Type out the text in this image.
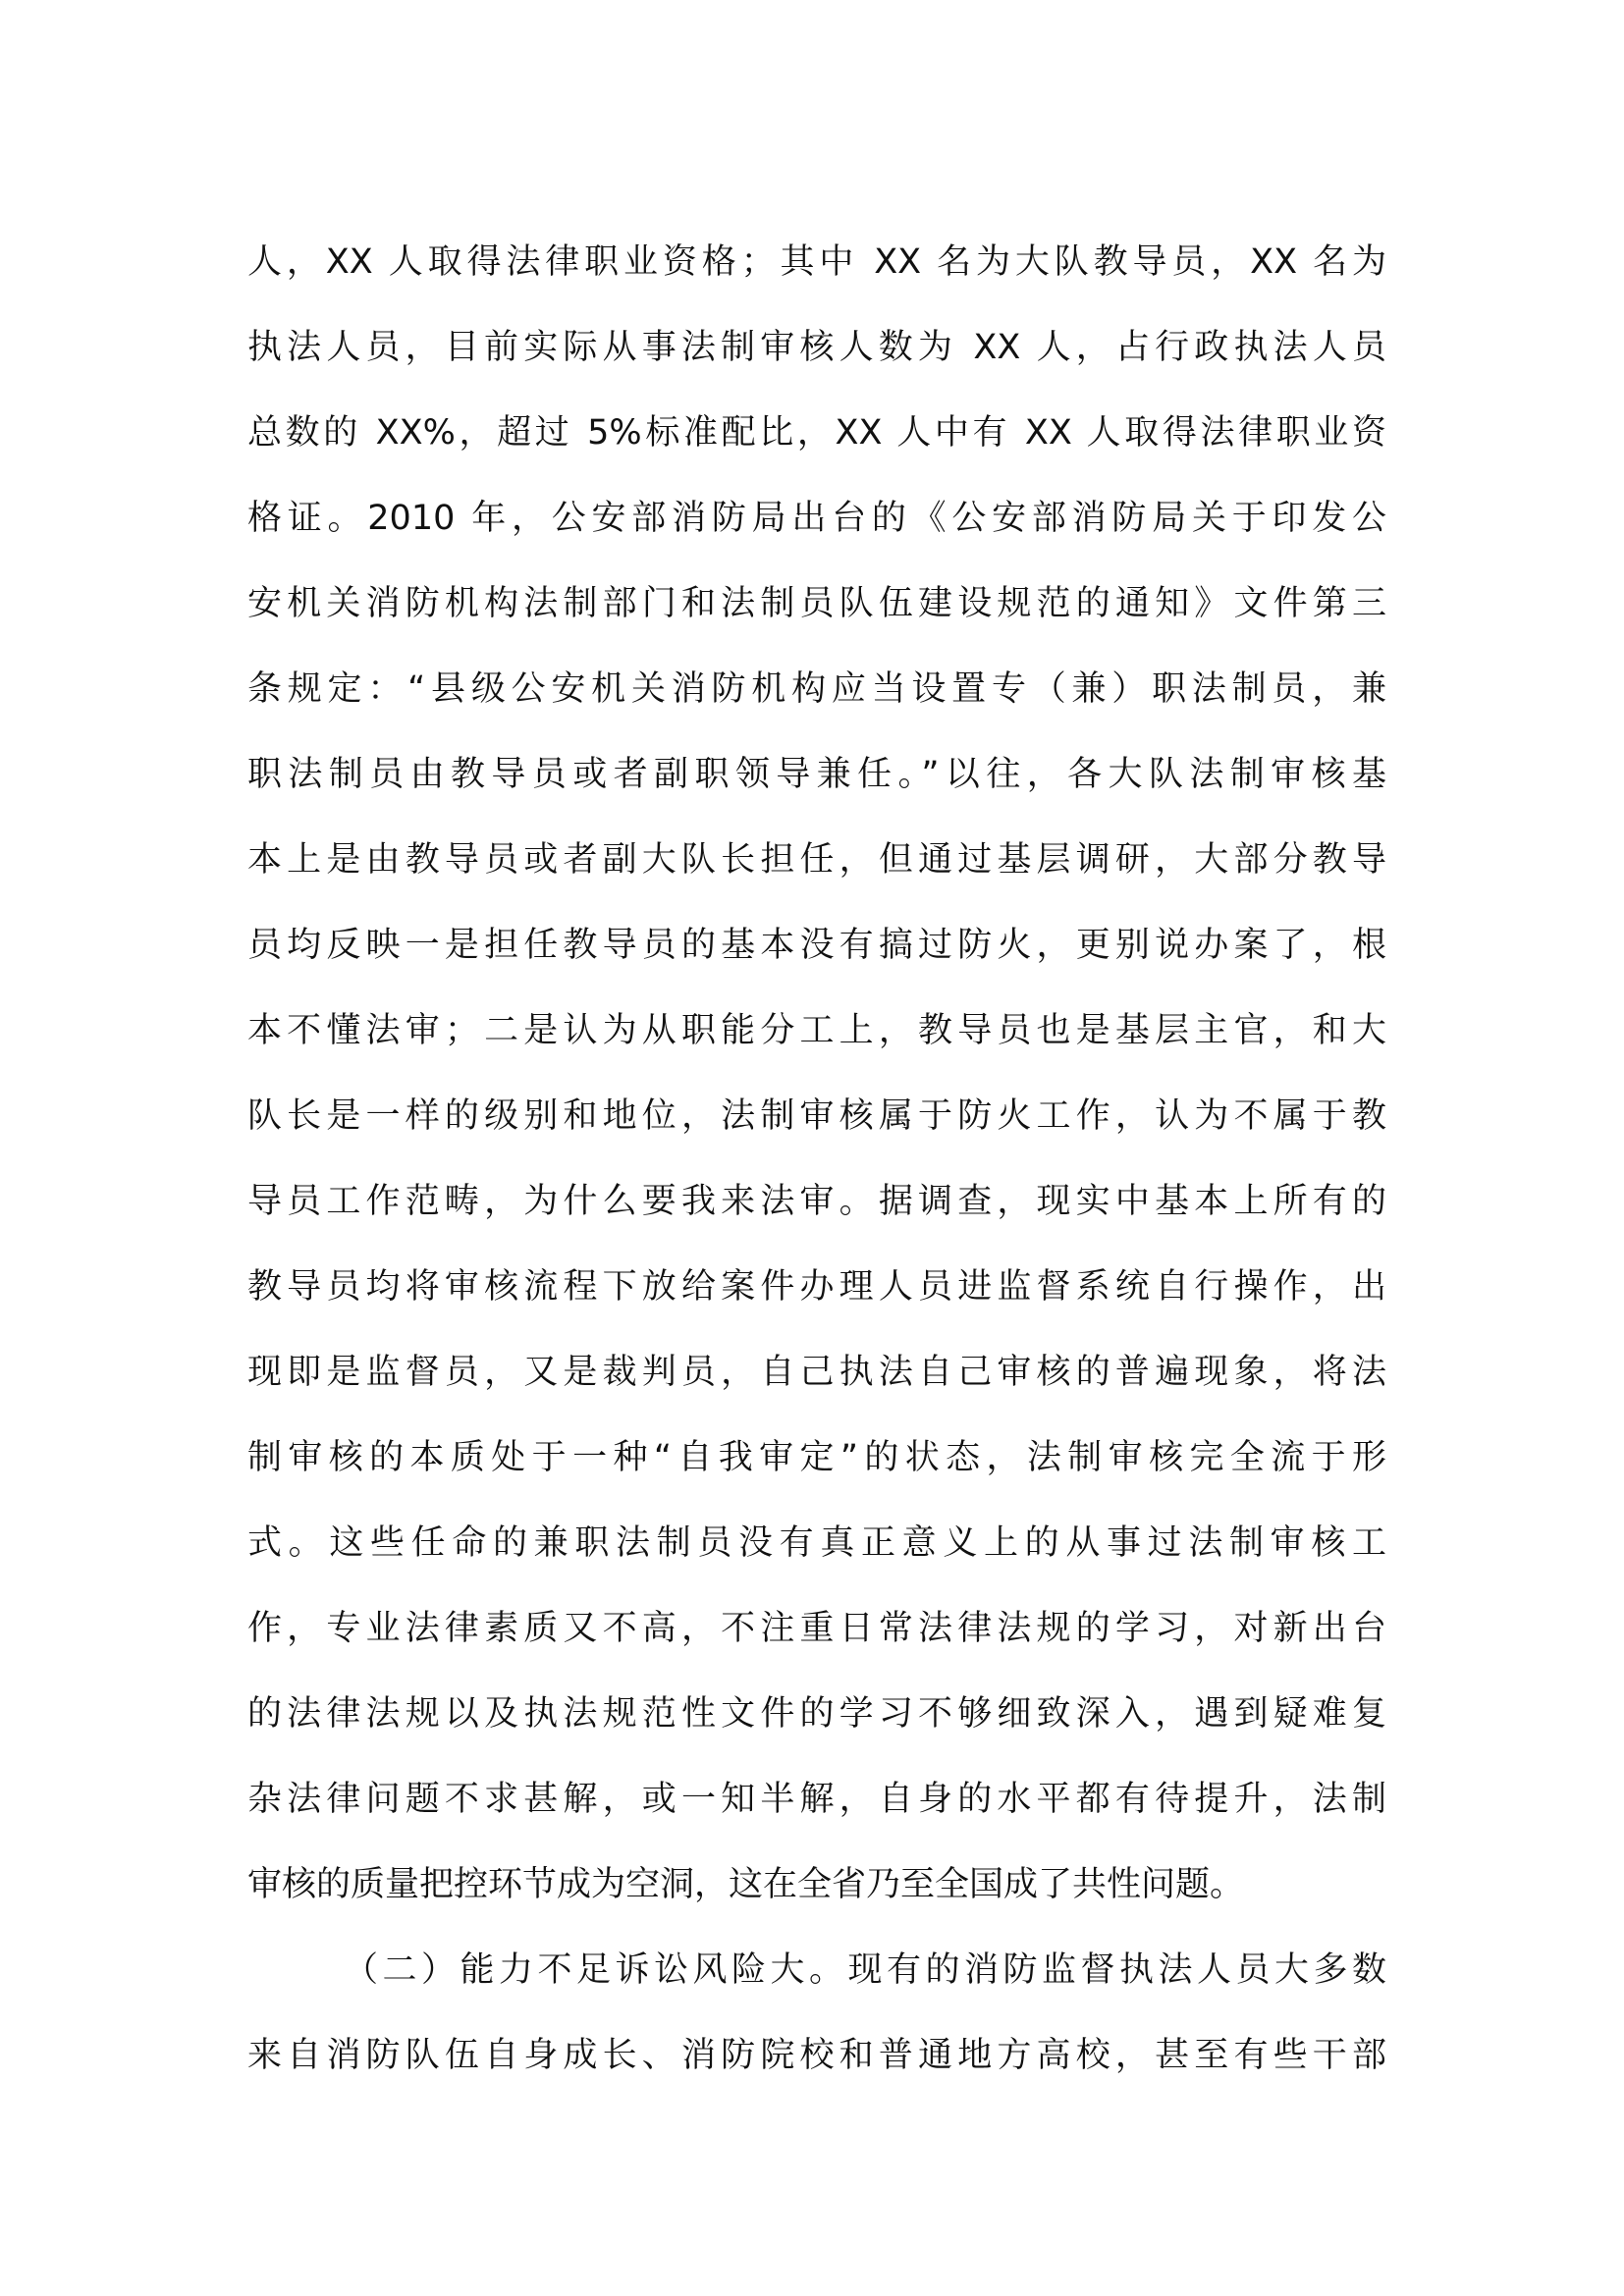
人，XX 人取得法律职业资格；其中 XX 名为大队教导员，XX 名为
执法人员，目前实际从事法制审核人数为 XX 人，占行政执法人员
总数的 XX%，超过 5%标准配比，XX 人中有 XX 人取得法律职业资
格证。2010 年，公安部消防局出台的《公安部消防局关于印发公
安机关消防机构法制部门和法制员队伍建设规范的通知》文件第三
条规定：“县级公安机关消防机构应当设置专（兼）职法制员，兼
职法制员由教导员或者副职领导兼任。”以往，各大队法制审核基
本上是由教导员或者副大队长担任，但通过基层调研，大部分教导
员均反映一是担任教导员的基本没有搞过防火，更别说办案了，根
本不懂法审；二是认为从职能分工上，教导员也是基层主官，和大
队长是一样的级别和地位，法制审核属于防火工作，认为不属于教
导员工作范畴，为什么要我来法审。据调查，现实中基本上所有的
教导员均将审核流程下放给案件办理人员进监督系统自行操作，出
现即是监督员，又是裁判员，自己执法自己审核的普遍现象，将法
制审核的本质处于一种“自我审定”的状态，法制审核完全流于形
式。这些任命的兼职法制员没有真正意义上的从事过法制审核工
作，专业法律素质又不高，不注重日常法律法规的学习，对新出台
的法律法规以及执法规范性文件的学习不够细致深入，遇到疑难复
杂法律问题不求甚解，或一知半解，自身的水平都有待提升，法制
审核的质量把控环节成为空洞，这在全省乃至全国成了共性问题。
（二）能力不足诉讼风险大。现有的消防监督执法人员大多数
来自消防队伍自身成长、消防院校和普通地方高校，甚至有些干部
